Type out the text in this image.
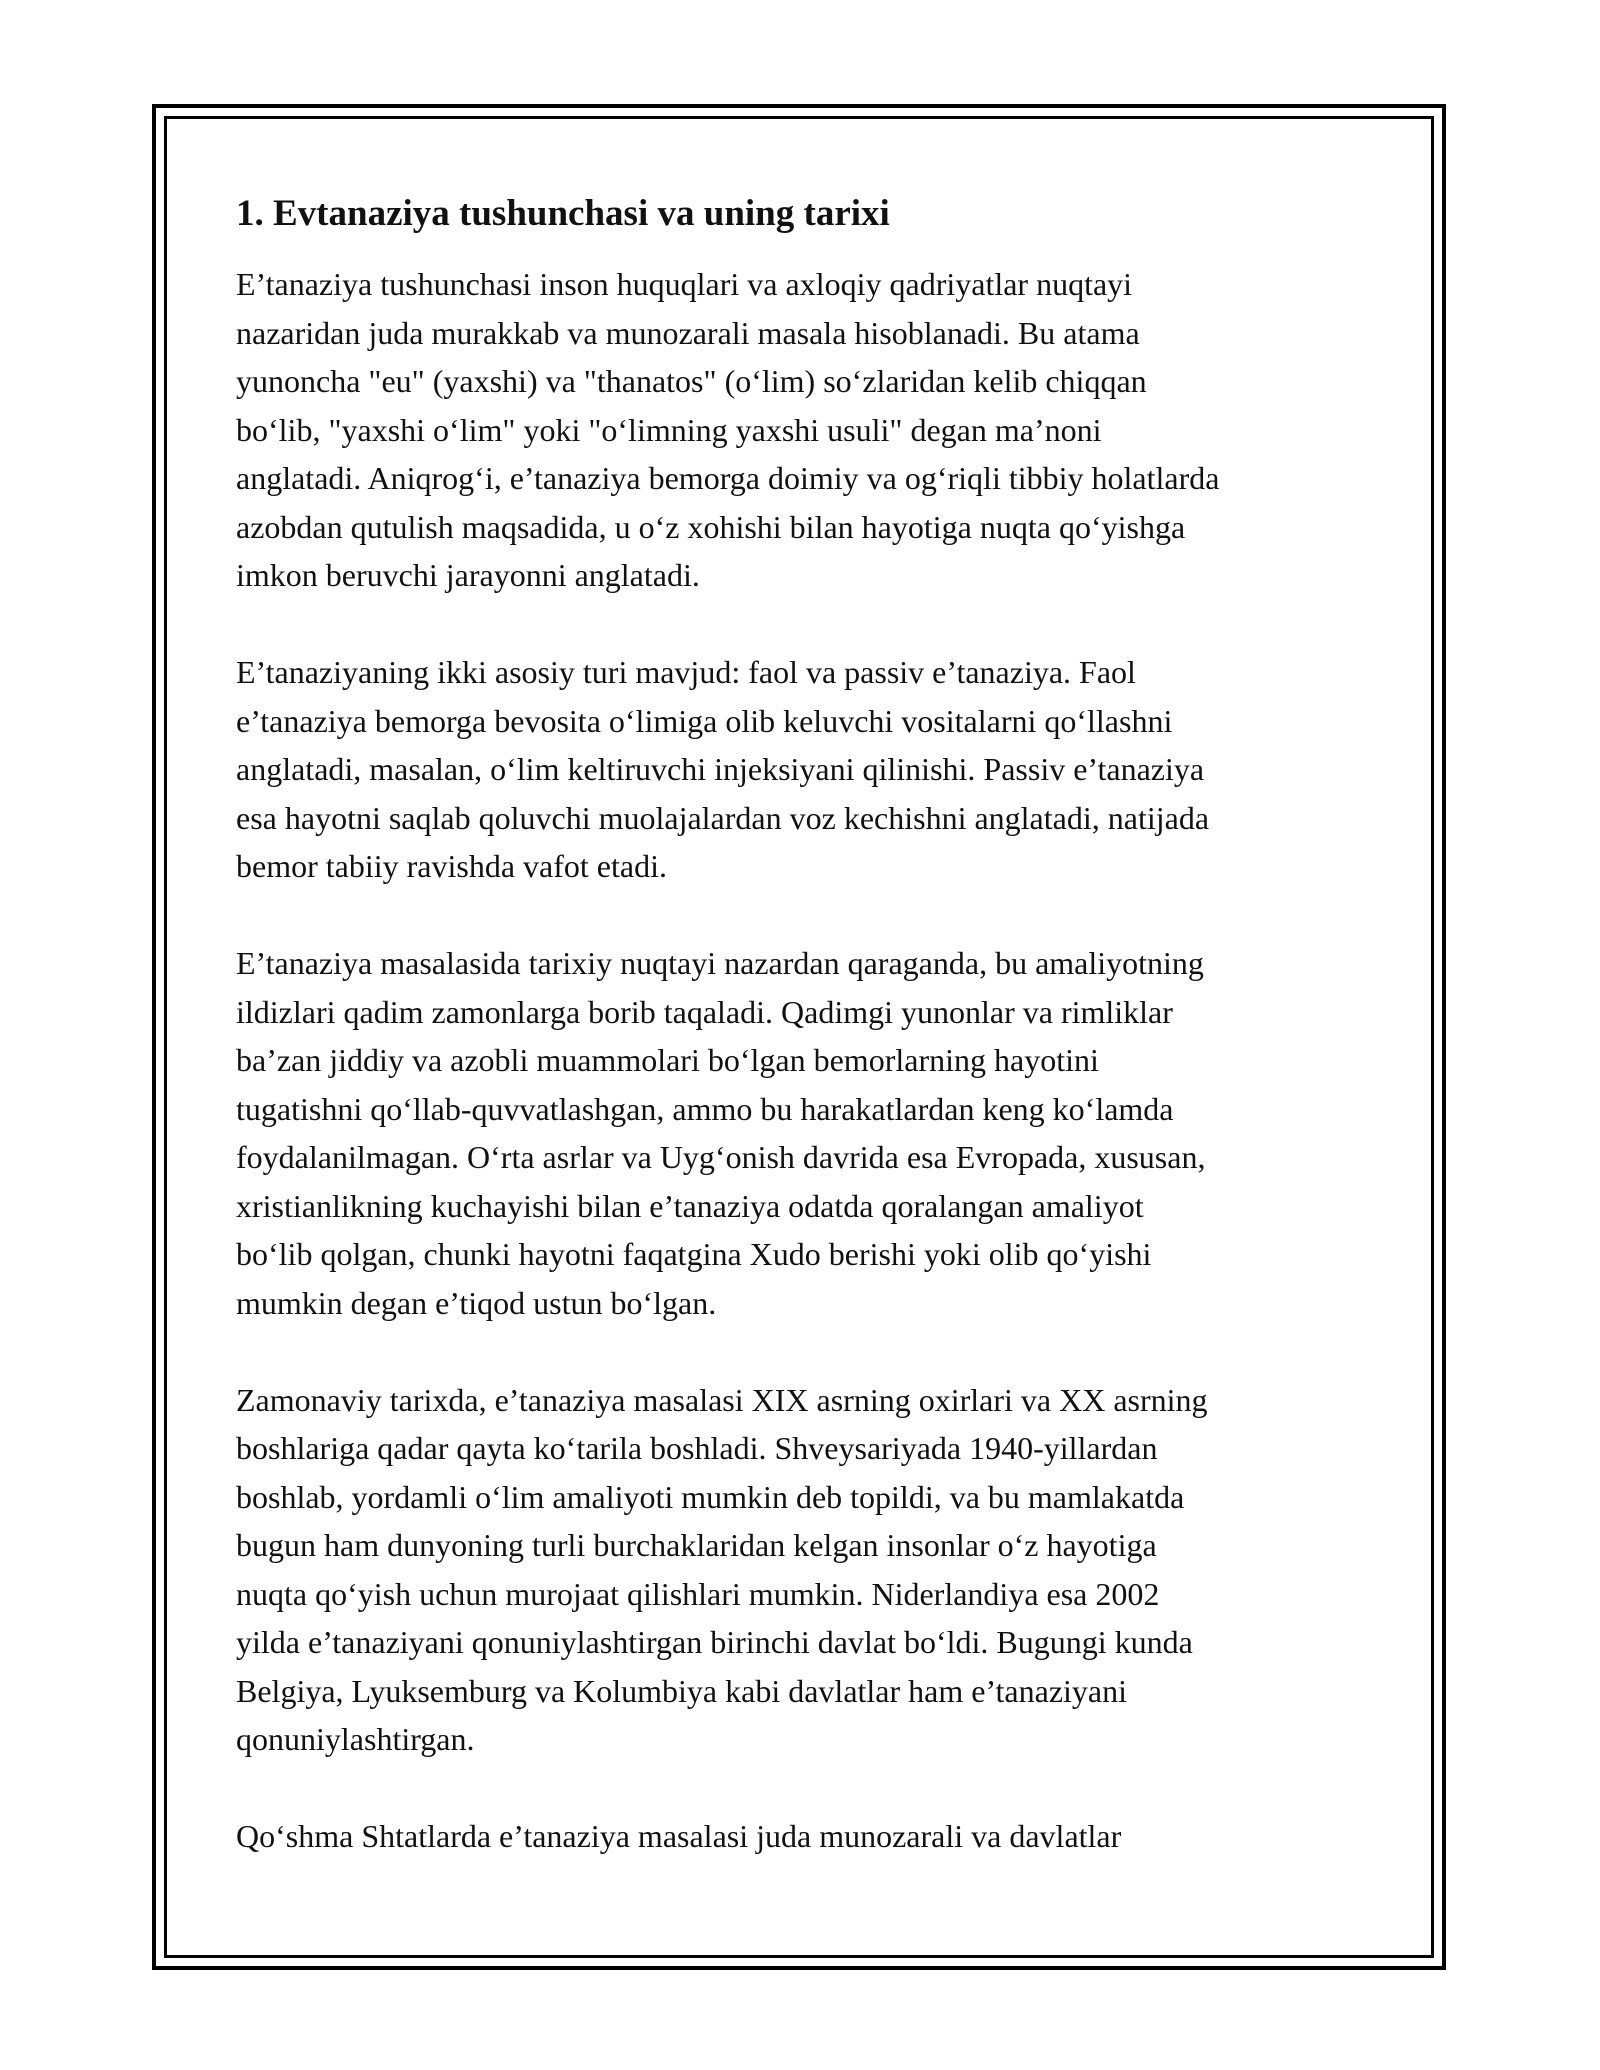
1. Evtanaziya tushunchasi va uning tarixi
E’tanaziya tushunchasi inson huquqlari va axloqiy qadriyatlar nuqtayi
nazaridan juda murakkab va munozarali masala hisoblanadi. Bu atama
yunoncha "eu" (yaxshi) va "thanatos" (o‘lim) so‘zlaridan kelib chiqqan
bo‘lib, "yaxshi o‘lim" yoki "o‘limning yaxshi usuli" degan ma’noni
anglatadi. Aniqrog‘i, e’tanaziya bemorga doimiy va og‘riqli tibbiy holatlarda
azobdan qutulish maqsadida, u o‘z xohishi bilan hayotiga nuqta qo‘yishga
imkon beruvchi jarayonni anglatadi.
E’tanaziyaning ikki asosiy turi mavjud: faol va passiv e’tanaziya. Faol
e’tanaziya bemorga bevosita o‘limiga olib keluvchi vositalarni qo‘llashni
anglatadi, masalan, o‘lim keltiruvchi injeksiyani qilinishi. Passiv e’tanaziya
esa hayotni saqlab qoluvchi muolajalardan voz kechishni anglatadi, natijada
bemor tabiiy ravishda vafot etadi.
E’tanaziya masalasida tarixiy nuqtayi nazardan qaraganda, bu amaliyotning
ildizlari qadim zamonlarga borib taqaladi. Qadimgi yunonlar va rimliklar
ba’zan jiddiy va azobli muammolari bo‘lgan bemorlarning hayotini
tugatishni qo‘llab-quvvatlashgan, ammo bu harakatlardan keng ko‘lamda
foydalanilmagan. O‘rta asrlar va Uyg‘onish davrida esa Evropada, xususan,
xristianlikning kuchayishi bilan e’tanaziya odatda qoralangan amaliyot
bo‘lib qolgan, chunki hayotni faqatgina Xudo berishi yoki olib qo‘yishi
mumkin degan e’tiqod ustun bo‘lgan.
Zamonaviy tarixda, e’tanaziya masalasi XIX asrning oxirlari va XX asrning
boshlariga qadar qayta ko‘tarila boshladi. Shveysariyada 1940-yillardan
boshlab, yordamli o‘lim amaliyoti mumkin deb topildi, va bu mamlakatda
bugun ham dunyoning turli burchaklaridan kelgan insonlar o‘z hayotiga
nuqta qo‘yish uchun murojaat qilishlari mumkin. Niderlandiya esa 2002
yilda e’tanaziyani qonuniylashtirgan birinchi davlat bo‘ldi. Bugungi kunda
Belgiya, Lyuksemburg va Kolumbiya kabi davlatlar ham e’tanaziyani
qonuniylashtirgan.
Qo‘shma Shtatlarda e’tanaziya masalasi juda munozarali va davlatlar
